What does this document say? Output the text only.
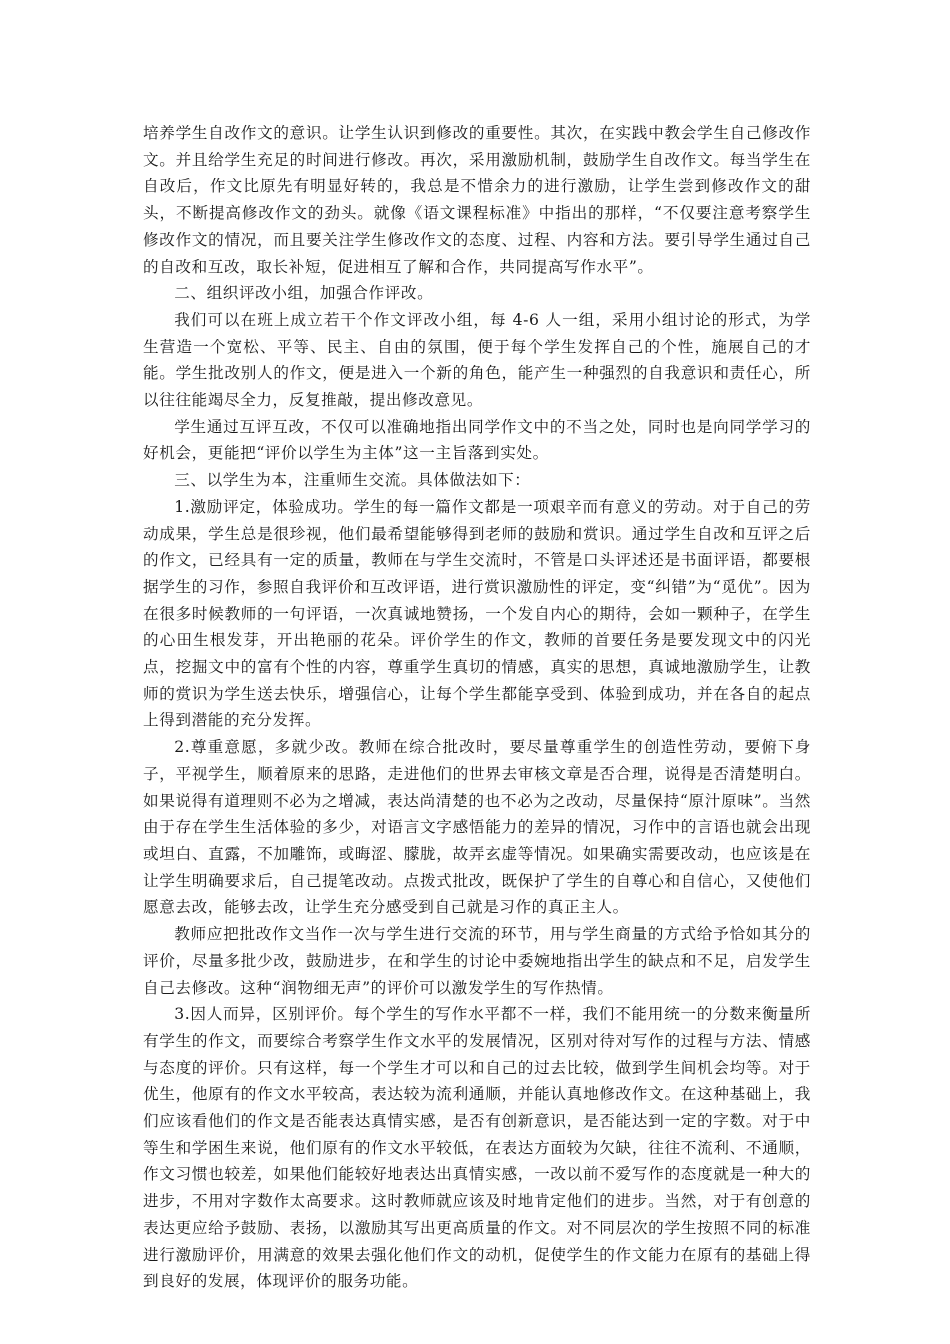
培养学生自改作文的意识。让学生认识到修改的重要性。其次，在实践中教会学生自己修改作文。并且给学生充足的时间进行修改。再次，采用激励机制，鼓励学生自改作文。每当学生在自改后，作文比原先有明显好转的，我总是不惜余力的进行激励，让学生尝到修改作文的甜头，不断提高修改作文的劲头。就像《语文课程标准》中指出的那样，“不仅要注意考察学生修改作文的情况，而且要关注学生修改作文的态度、过程、内容和方法。要引导学生通过自己的自改和互改，取长补短，促进相互了解和合作，共同提高写作水平”。

二、组织评改小组，加强合作评改。

我们可以在班上成立若干个作文评改小组，每 4-6 人一组，采用小组讨论的形式，为学生营造一个宽松、平等、民主、自由的氛围，便于每个学生发挥自己的个性，施展自己的才能。学生批改别人的作文，便是进入一个新的角色，能产生一种强烈的自我意识和责任心，所以往往能竭尽全力，反复推敲，提出修改意见。

学生通过互评互改，不仅可以准确地指出同学作文中的不当之处，同时也是向同学学习的好机会，更能把“评价以学生为主体”这一主旨落到实处。

三、以学生为本，注重师生交流。具体做法如下：

1.激励评定，体验成功。学生的每一篇作文都是一项艰辛而有意义的劳动。对于自己的劳动成果，学生总是很珍视，他们最希望能够得到老师的鼓励和赏识。通过学生自改和互评之后的作文，已经具有一定的质量，教师在与学生交流时，不管是口头评述还是书面评语，都要根据学生的习作，参照自我评价和互改评语，进行赏识激励性的评定，变“纠错”为“觅优”。因为在很多时候教师的一句评语，一次真诚地赞扬，一个发自内心的期待，会如一颗种子，在学生的心田生根发芽，开出艳丽的花朵。评价学生的作文，教师的首要任务是要发现文中的闪光点，挖掘文中的富有个性的内容，尊重学生真切的情感，真实的思想，真诚地激励学生，让教师的赏识为学生送去快乐，增强信心，让每个学生都能享受到、体验到成功，并在各自的起点上得到潜能的充分发挥。

2.尊重意愿，多就少改。教师在综合批改时，要尽量尊重学生的创造性劳动，要俯下身子，平视学生，顺着原来的思路，走进他们的世界去审核文章是否合理，说得是否清楚明白。如果说得有道理则不必为之增减，表达尚清楚的也不必为之改动，尽量保持“原汁原味”。当然由于存在学生生活体验的多少，对语言文字感悟能力的差异的情况，习作中的言语也就会出现或坦白、直露，不加雕饰，或晦涩、朦胧，故弄玄虚等情况。如果确实需要改动，也应该是在让学生明确要求后，自己提笔改动。点拨式批改，既保护了学生的自尊心和自信心，又使他们愿意去改，能够去改，让学生充分感受到自己就是习作的真正主人。

教师应把批改作文当作一次与学生进行交流的环节，用与学生商量的方式给予恰如其分的评价，尽量多批少改，鼓励进步，在和学生的讨论中委婉地指出学生的缺点和不足，启发学生自己去修改。这种“润物细无声”的评价可以激发学生的写作热情。

3.因人而异，区别评价。每个学生的写作水平都不一样，我们不能用统一的分数来衡量所有学生的作文，而要综合考察学生作文水平的发展情况，区别对待对写作的过程与方法、情感与态度的评价。只有这样，每一个学生才可以和自己的过去比较，做到学生间机会均等。对于优生，他原有的作文水平较高，表达较为流利通顺，并能认真地修改作文。在这种基础上，我们应该看他们的作文是否能表达真情实感，是否有创新意识，是否能达到一定的字数。对于中等生和学困生来说，他们原有的作文水平较低，在表达方面较为欠缺，往往不流利、不通顺，作文习惯也较差，如果他们能较好地表达出真情实感，一改以前不爱写作的态度就是一种大的进步，不用对字数作太高要求。这时教师就应该及时地肯定他们的进步。当然，对于有创意的表达更应给予鼓励、表扬，以激励其写出更高质量的作文。对不同层次的学生按照不同的标准进行激励评价，用满意的效果去强化他们作文的动机，促使学生的作文能力在原有的基础上得到良好的发展，体现评价的服务功能。
